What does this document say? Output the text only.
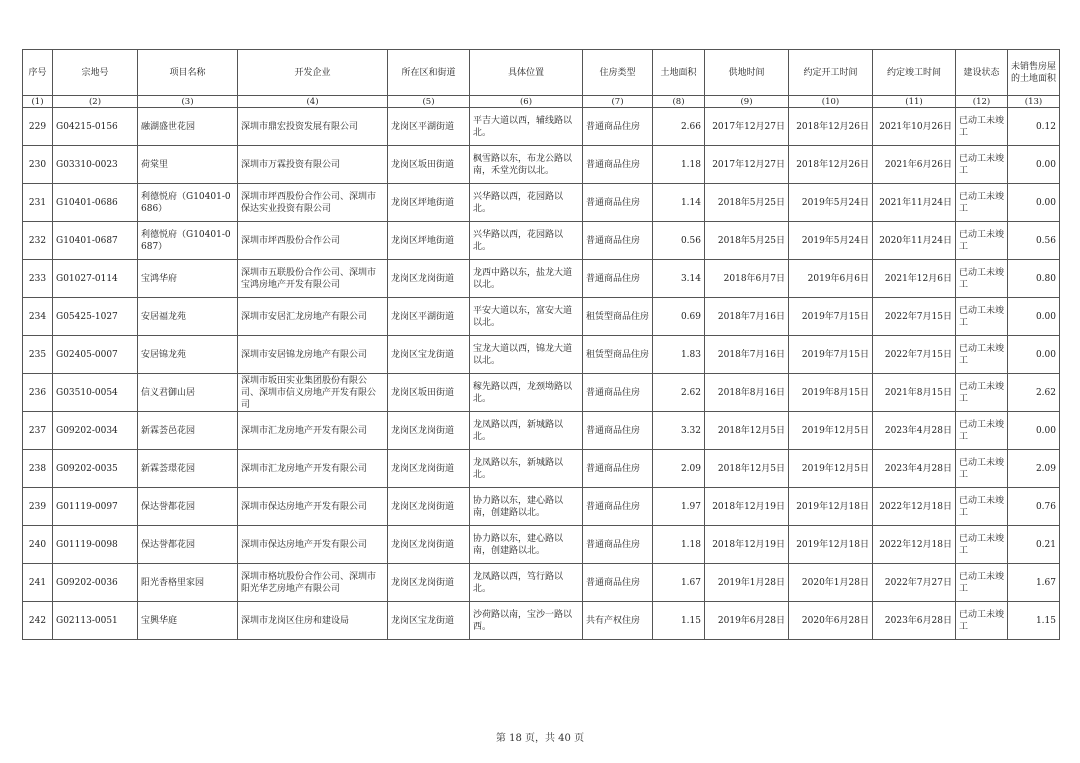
序号	宗地号	项目名称	开发企业	所在区和街道	具体位置	住房类型	土地面积	供地时间	约定开工时间	约定竣工时间	建设状态	未销售房屋的土地面积
(1)	(2)	(3)	(4)	(5)	(6)	(7)	(8)	(9)	(10)	(11)	(12)	(13)
229	G04215-0156	融湖盛世花园	深圳市鼎宏投资发展有限公司	龙岗区平湖街道	平吉大道以西，辅线路以北。	普通商品住房	2.66	2017年12月27日	2018年12月26日	2021年10月26日	已动工未竣工	0.12
230	G03310-0023	荷棠里	深圳市万霖投资有限公司	龙岗区坂田街道	枫雪路以东，布龙公路以南，禾堂光街以北。	普通商品住房	1.18	2017年12月27日	2018年12月26日	2021年6月26日	已动工未竣工	0.00
231	G10401-0686	利德悦府（G10401-0686）	深圳市坪西股份合作公司、深圳市保达实业投资有限公司	龙岗区坪地街道	兴华路以西，花园路以北。	普通商品住房	1.14	2018年5月25日	2019年5月24日	2021年11月24日	已动工未竣工	0.00
232	G10401-0687	利德悦府（G10401-0687）	深圳市坪西股份合作公司	龙岗区坪地街道	兴华路以西，花园路以北。	普通商品住房	0.56	2018年5月25日	2019年5月24日	2020年11月24日	已动工未竣工	0.56
233	G01027-0114	宝鸿华府	深圳市五联股份合作公司、深圳市宝鸿房地产开发有限公司	龙岗区龙岗街道	龙西中路以东，盐龙大道以北。	普通商品住房	3.14	2018年6月7日	2019年6月6日	2021年12月6日	已动工未竣工	0.80
234	G05425-1027	安居福龙苑	深圳市安居汇龙房地产有限公司	龙岗区平湖街道	平安大道以东，富安大道以北。	租赁型商品住房	0.69	2018年7月16日	2019年7月15日	2022年7月15日	已动工未竣工	0.00
235	G02405-0007	安居锦龙苑	深圳市安居锦龙房地产有限公司	龙岗区宝龙街道	宝龙大道以西，锦龙大道以北。	租赁型商品住房	1.83	2018年7月16日	2019年7月15日	2022年7月15日	已动工未竣工	0.00
236	G03510-0054	信义君御山居	深圳市坂田实业集团股份有限公司、深圳市信义房地产开发有限公司	龙岗区坂田街道	稼先路以西，龙颈坳路以北。	普通商品住房	2.62	2018年8月16日	2019年8月15日	2021年8月15日	已动工未竣工	2.62
237	G09202-0034	新霖荟邑花园	深圳市汇龙房地产开发有限公司	龙岗区龙岗街道	龙凤路以西，新城路以北。	普通商品住房	3.32	2018年12月5日	2019年12月5日	2023年4月28日	已动工未竣工	0.00
238	G09202-0035	新霖荟璟花园	深圳市汇龙房地产开发有限公司	龙岗区龙岗街道	龙凤路以东，新城路以北。	普通商品住房	2.09	2018年12月5日	2019年12月5日	2023年4月28日	已动工未竣工	2.09
239	G01119-0097	保达誉都花园	深圳市保达房地产开发有限公司	龙岗区龙岗街道	协力路以东，建心路以南，创建路以北。	普通商品住房	1.97	2018年12月19日	2019年12月18日	2022年12月18日	已动工未竣工	0.76
240	G01119-0098	保达誉都花园	深圳市保达房地产开发有限公司	龙岗区龙岗街道	协力路以东，建心路以南，创建路以北。	普通商品住房	1.18	2018年12月19日	2019年12月18日	2022年12月18日	已动工未竣工	0.21
241	G09202-0036	阳光香格里家园	深圳市格坑股份合作公司、深圳市阳光华艺房地产有限公司	龙岗区龙岗街道	龙凤路以西，笃行路以北。	普通商品住房	1.67	2019年1月28日	2020年1月28日	2022年7月27日	已动工未竣工	1.67
242	G02113-0051	宝興华庭	深圳市龙岗区住房和建设局	龙岗区宝龙街道	沙荷路以南，宝沙一路以西。	共有产权住房	1.15	2019年6月28日	2020年6月28日	2023年6月28日	已动工未竣工	1.15
第 18 页，共 40 页
